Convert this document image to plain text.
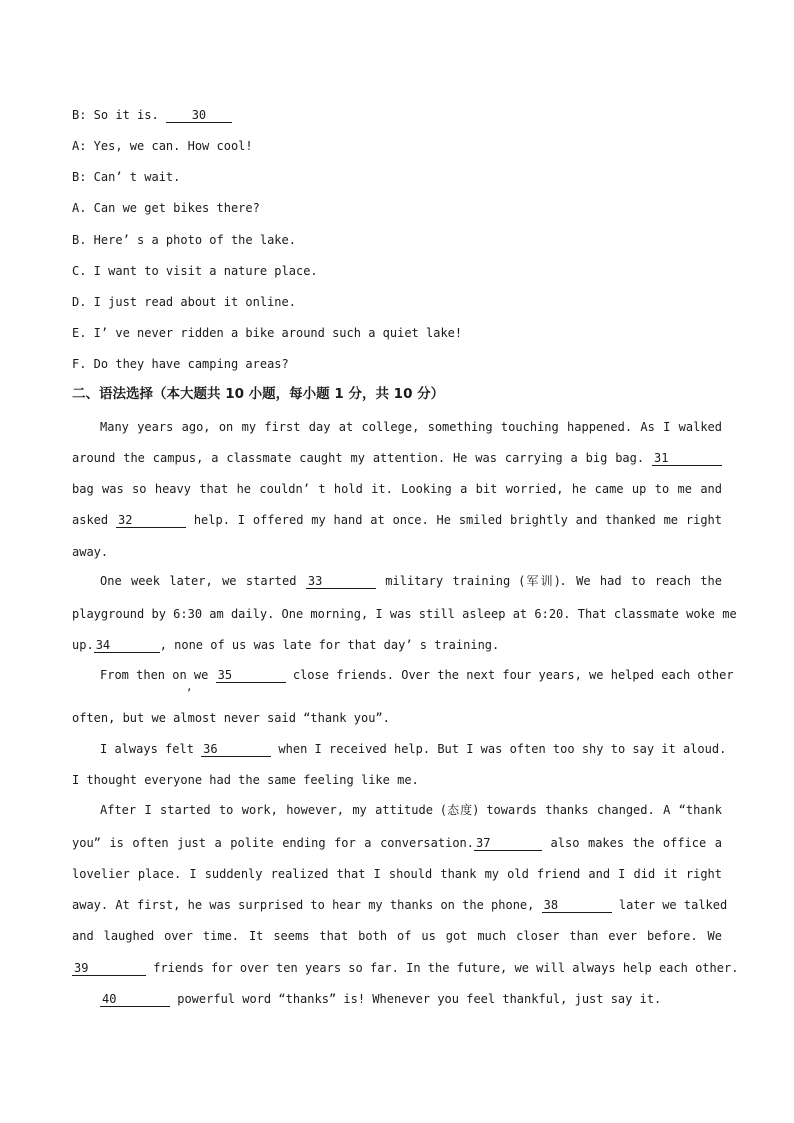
B: So it is. 30
A: Yes, we can. How cool!
B: Can’ t wait.
A. Can we get bikes there?
B. Here’ s a photo of the lake.
C. I want to visit a nature place.
D. I just read about it online.
E. I’ ve never ridden a bike around such a quiet lake!
F. Do they have camping areas?
二、语法选择（本大题共 10 小题，每小题 1 分，共 10 分）
Many years ago, on my first day at college, something touching happened. As I walked
around the campus, a classmate caught my attention. He was carrying a big bag. 31
bag was so heavy that he couldn’ t hold it. Looking a bit worried, he came up to me and
asked 32	help. I offered my hand at once. He smiled brightly and thanked me right
away.
One week later, we started 33	military training (军训). We had to reach the
playground by 6:30 am daily. One morning, I was still asleep at 6:20. That classmate woke me
up. 34	, none of us was late for that day’ s training.
From then on we 35	close friends. Over the next four years, we helped each other
,
often, but we almost never said “thank you”.
I always felt 36	when I received help. But I was often too shy to say it aloud.
I thought everyone had the same feeling like me.
After I started to work, however, my attitude (态度) towards thanks changed. A “thank
you” is often just a polite ending for a conversation. 37	also makes the office a
lovelier place. I suddenly realized that I should thank my old friend and I did it right
away. At first, he was surprised to hear my thanks on the phone, 38	later we talked
and laughed over time. It seems that both of us got much closer than ever before. We
39	friends for over ten years so far. In the future, we will always help each other.
40	powerful word “thanks” is! Whenever you feel thankful, just say it.
